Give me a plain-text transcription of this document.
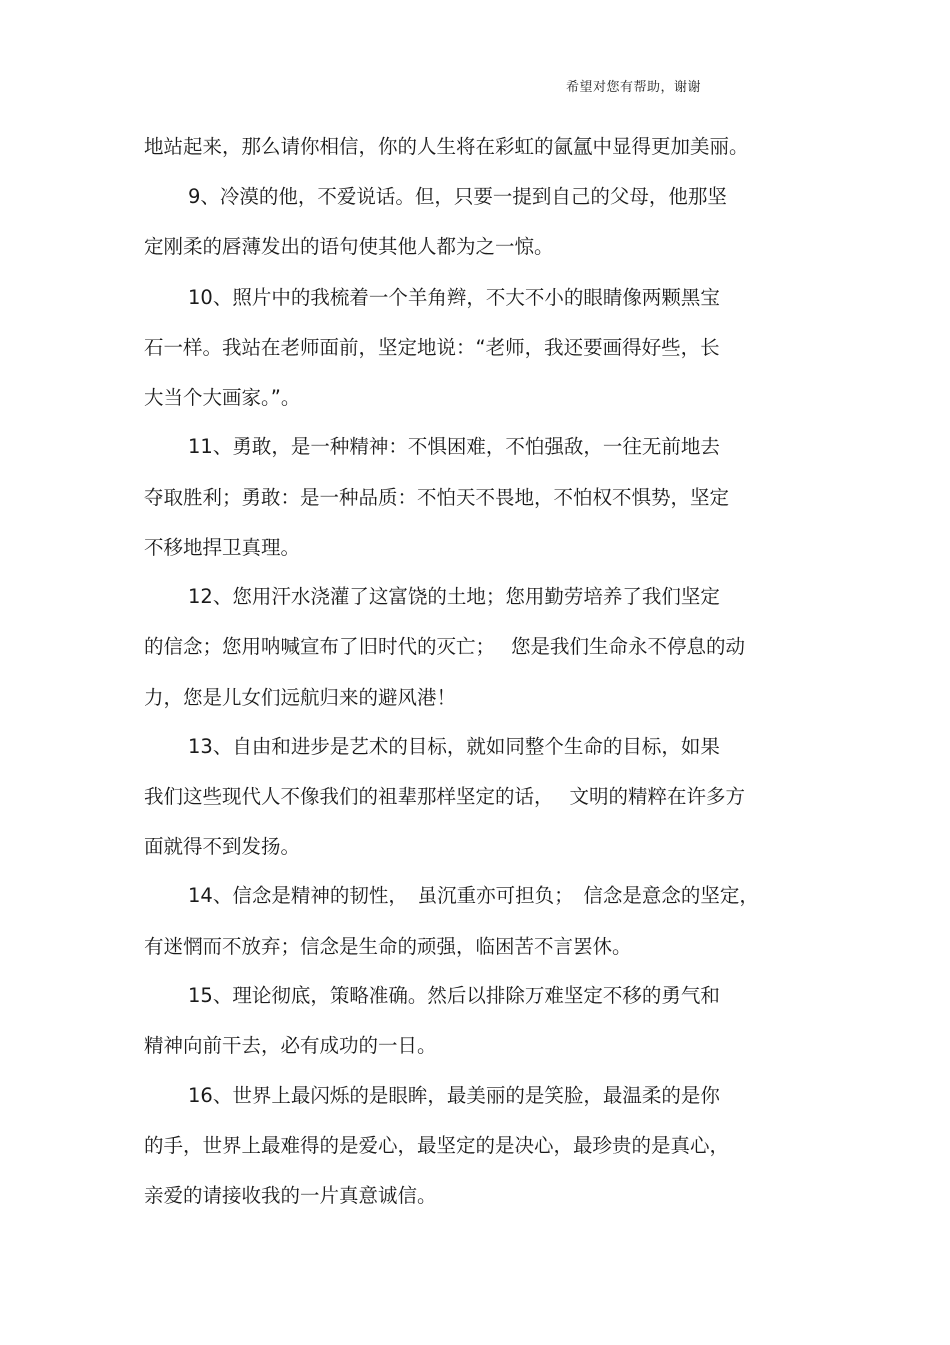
希望对您有帮助，谢谢
地站起来，那么请你相信，你的人生将在彩虹的氤氲中显得更加美丽。
9、冷漠的他，不爱说话。但，只要一提到自己的父母，他那坚
定刚柔的唇薄发出的语句使其他人都为之一惊。
10、照片中的我梳着一个羊角辫，不大不小的眼睛像两颗黑宝
石一样。我站在老师面前，坚定地说：“老师，我还要画得好些，长
大当个大画家。”。
11、勇敢，是一种精神：不惧困难，不怕强敌，一往无前地去
夺取胜利；勇敢：是一种品质：不怕天不畏地，不怕权不惧势，坚定
不移地捍卫真理。
12、您用汗水浇灌了这富饶的土地；您用勤劳培养了我们坚定
的信念；您用呐喊宣布了旧时代的灭亡；　 您是我们生命永不停息的动
力，您是儿女们远航归来的避风港！
13、自由和进步是艺术的目标，就如同整个生命的目标，如果
我们这些现代人不像我们的祖辈那样坚定的话，　 文明的精粹在许多方
面就得不到发扬。
14、信念是精神的韧性，　虽沉重亦可担负；　信念是意念的坚定，
有迷惘而不放弃；信念是生命的顽强，临困苦不言罢休。
15、理论彻底，策略准确。然后以排除万难坚定不移的勇气和
精神向前干去，必有成功的一日。
16、世界上最闪烁的是眼眸，最美丽的是笑脸，最温柔的是你
的手，世界上最难得的是爱心，最坚定的是决心，最珍贵的是真心，
亲爱的请接收我的一片真意诚信。
